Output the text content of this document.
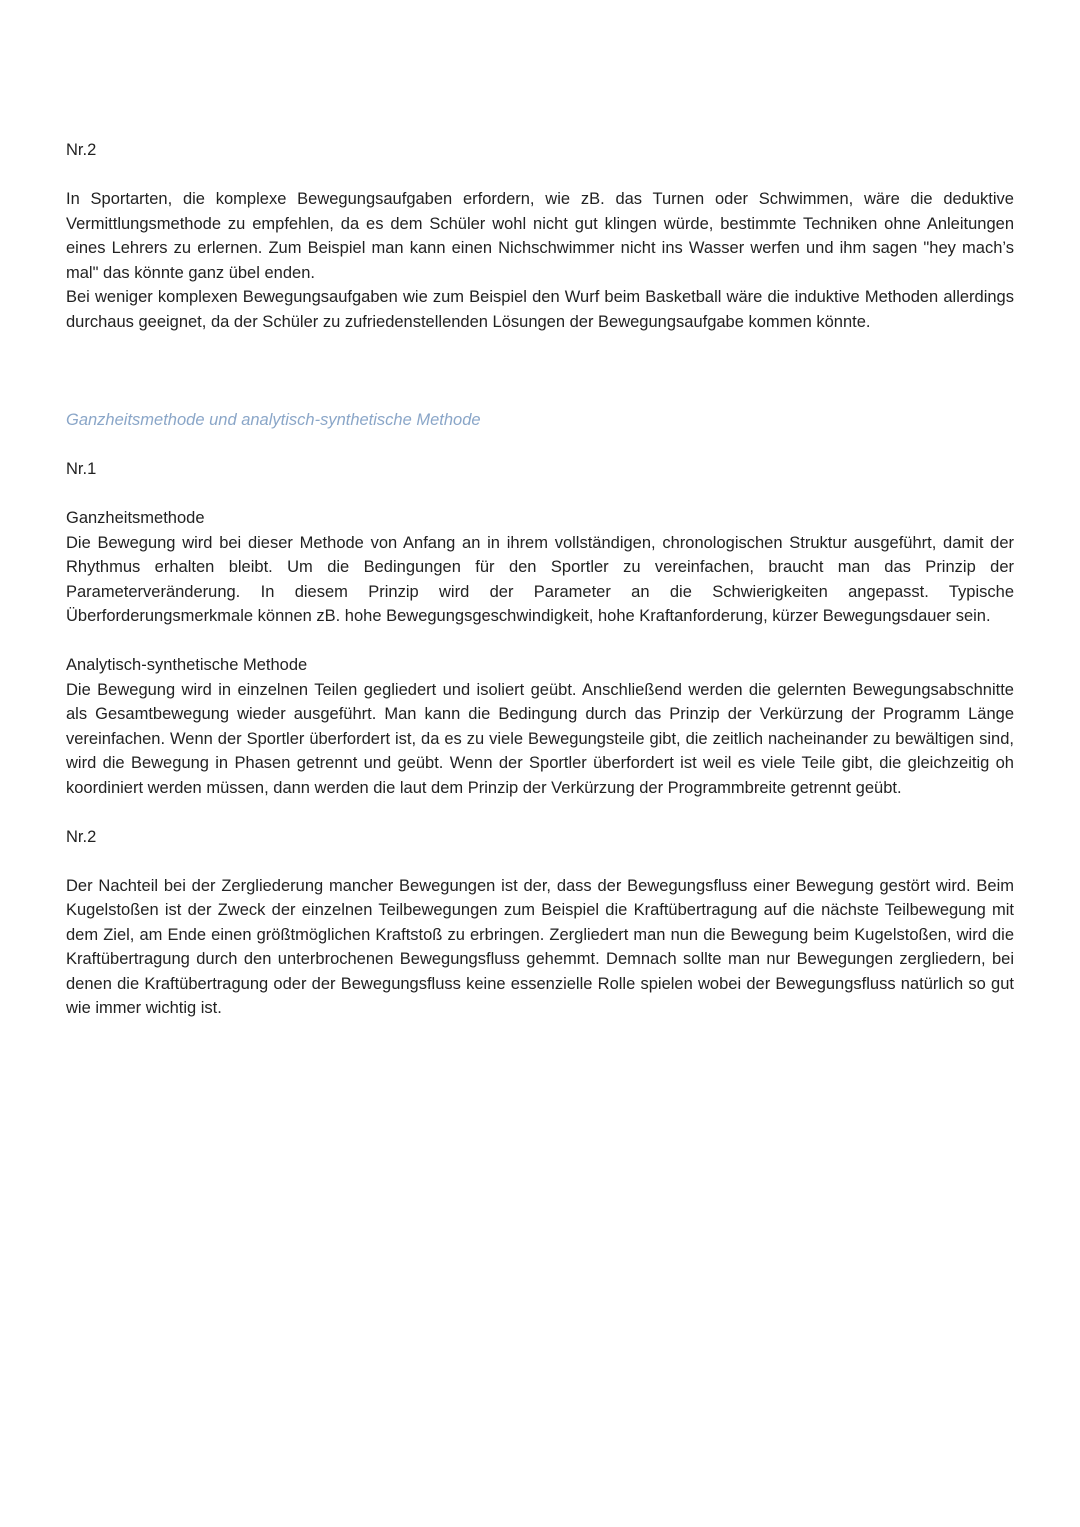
Nr.2

In Sportarten, die komplexe Bewegungsaufgaben erfordern, wie zB. das Turnen oder Schwimmen, wäre die deduktive Vermittlungsmethode zu empfehlen, da es dem Schüler wohl nicht gut klingen würde, bestimmte Techniken ohne Anleitungen eines Lehrers zu erlernen. Zum Beispiel man kann einen Nichschwimmer nicht ins Wasser werfen und ihm sagen "hey mach’s mal" das könnte ganz übel enden.

Bei weniger komplexen Bewegungsaufgaben wie zum Beispiel den Wurf beim Basketball wäre die induktive Methoden allerdings durchaus geeignet, da der Schüler zu zufriedenstellenden Lösungen der Bewegungsaufgabe kommen könnte.

Ganzheitsmethode und analytisch-synthetische Methode

Nr.1

Ganzheitsmethode

Die Bewegung wird bei dieser Methode von Anfang an in ihrem vollständigen, chronologischen Struktur ausgeführt, damit der Rhythmus erhalten bleibt. Um die Bedingungen für den Sportler zu vereinfachen, braucht man das Prinzip der Parameterveränderung. In diesem Prinzip wird der Parameter an die Schwierigkeiten angepasst. Typische Überforderungsmerkmale können zB. hohe Bewegungsgeschwindigkeit, hohe Kraftanforderung, kürzer Bewegungsdauer sein.

Analytisch-synthetische Methode

Die Bewegung wird in einzelnen Teilen gegliedert und isoliert geübt. Anschließend werden die gelernten Bewegungsabschnitte als Gesamtbewegung wieder ausgeführt. Man kann die Bedingung durch das Prinzip der Verkürzung der Programm Länge vereinfachen. Wenn der Sportler überfordert ist, da es zu viele Bewegungsteile gibt, die zeitlich nacheinander zu bewältigen sind, wird die Bewegung in Phasen getrennt und geübt. Wenn der Sportler überfordert ist weil es viele Teile gibt, die gleichzeitig oh koordiniert werden müssen, dann werden die laut dem Prinzip der Verkürzung der Programmbreite getrennt geübt.

Nr.2

Der Nachteil bei der Zergliederung mancher Bewegungen ist der, dass der Bewegungsfluss einer Bewegung gestört wird. Beim Kugelstoßen ist der Zweck der einzelnen Teilbewegungen zum Beispiel die Kraftübertragung auf die nächste Teilbewegung mit dem Ziel, am Ende einen größtmöglichen Kraftstoß zu erbringen. Zergliedert man nun die Bewegung beim Kugelstoßen, wird die Kraftübertragung durch den unterbrochenen Bewegungsfluss gehemmt. Demnach sollte man nur Bewegungen zergliedern, bei denen die Kraftübertragung oder der Bewegungsfluss keine essenzielle Rolle spielen wobei der Bewegungsfluss natürlich so gut wie immer wichtig ist.
